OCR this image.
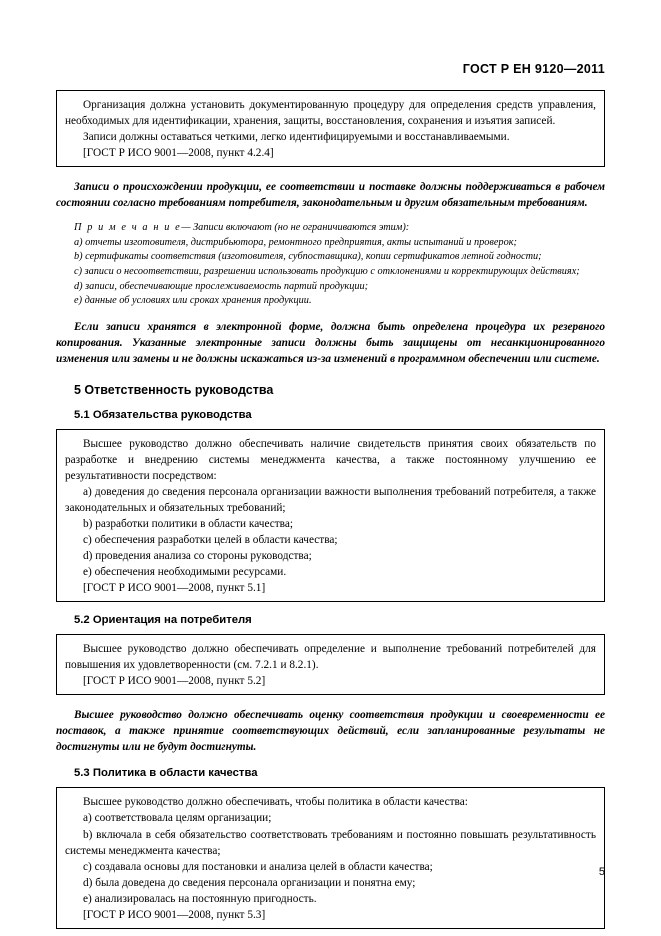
ГОСТ Р ЕН 9120—2011

Организация должна установить документированную процедуру для определения средств управления, необходимых для идентификации, хранения, защиты, восстановления, сохранения и изъятия записей.

Записи должны оставаться четкими, легко идентифицируемыми и восстанавливаемыми.

[ГОСТ Р ИСО 9001—2008, пункт 4.2.4]

Записи о происхождении продукции, ее соответствии и поставке должны поддерживаться в рабочем состоянии согласно требованиям потребителя, законодательным и другим обязательным требованиям.

П р и м е ч а н и е— Записи включают (но не ограничиваются этим):

a) отчеты изготовителя, дистрибьютора, ремонтного предприятия, акты испытаний и проверок;

b) сертификаты соответствия (изготовителя, субпоставщика), копии сертификатов летной годности;

c) записи о несоответствии, разрешении использовать продукцию с отклонениями и корректирующих действиях;

d) записи, обеспечивающие прослеживаемость партий продукции;

e) данные об условиях или сроках хранения продукции.

Если записи хранятся в электронной форме, должна быть определена процедура их резервного копирования. Указанные электронные записи должны быть защищены от несанкционированного изменения или замены и не должны искажаться из-за изменений в программном обеспечении или системе.

5 Ответственность руководства
5.1 Обязательства руководства

Высшее руководство должно обеспечивать наличие свидетельств принятия своих обязательств по разработке и внедрению системы менеджмента качества, а также постоянному улучшению ее результативности посредством:

a) доведения до сведения персонала организации важности выполнения требований потребителя, а также законодательных и обязательных требований;

b) разработки политики в области качества;

c) обеспечения разработки целей в области качества;

d) проведения анализа со стороны руководства;

e) обеспечения необходимыми ресурсами.

[ГОСТ Р ИСО 9001—2008, пункт 5.1]

5.2 Ориентация на потребителя

Высшее руководство должно обеспечивать определение и выполнение требований потребителей для повышения их удовлетворенности (см. 7.2.1 и 8.2.1).

[ГОСТ Р ИСО 9001—2008, пункт 5.2]

Высшее руководство должно обеспечивать оценку соответствия продукции и своевременности ее поставок, а также принятие соответствующих действий, если запланированные результаты не достигнуты или не будут достигнуты.

5.3 Политика в области качества

Высшее руководство должно обеспечивать, чтобы политика в области качества:

a) соответствовала целям организации;

b) включала в себя обязательство соответствовать требованиям и постоянно повышать результативность системы менеджмента качества;

c) создавала основы для постановки и анализа целей в области качества;

d) была доведена до сведения персонала организации и понятна ему;

e) анализировалась на постоянную пригодность.

[ГОСТ Р ИСО 9001—2008, пункт 5.3]

5
